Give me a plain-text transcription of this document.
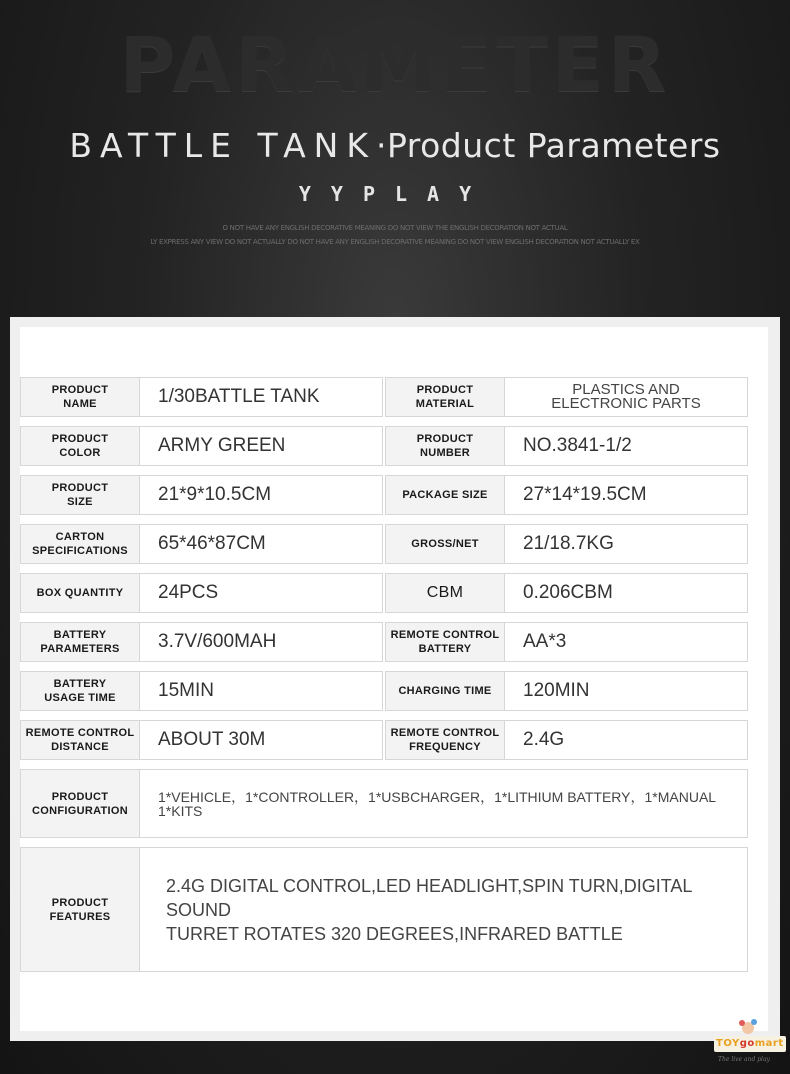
PARAMETER
BATTLE TANK·Product Parameters
YYPLAY
O NOT HAVE ANY ENGLISH DECORATIVE MEANING DO NOT VIEW THE ENGLISH DECORATION NOT ACTUAL
LY EXPRESS ANY VIEW DO NOT ACTUALLY DO NOT HAVE ANY ENGLISH DECORATIVE MEANING DO NOT VIEW ENGLISH DECORATION NOT ACTUALLY EX
PRODUCT
NAME	1/30BATTLE TANK	PRODUCT
MATERIAL
PLASTICS AND
ELECTRONIC PARTS
PRODUCT
COLOR	ARMY GREEN	PRODUCT
NUMBER	NO.3841-1/2
PRODUCT
SIZE	21*9*10.5CM	PACKAGE SIZE 27*14*19.5CM
CARTON
SPECIFICATIONS 65*46*87CM	GROSS/NET 21/18.7KG
BOX QUANTITY 24PCS	CBM	0.206CBM
BATTERY
PARAMETERS 3.7V/600MAH	REMOTE CONTROL
BATTERY	AA*3
BATTERY
USAGE TIME 15MIN	CHARGING TIME 120MIN
REMOTE CONTROL
DISTANCE	ABOUT 30M	REMOTE CONTROL
FREQUENCY	2.4G
PRODUCT
CONFIGURATION
1*VEHICLE，1*CONTROLLER，1*USBCHARGER，1*LITHIUM BATTERY，1*MANUAL
1*KITS
PRODUCT
FEATURES
2.4G DIGITAL CONTROL,LED HEADLIGHT,SPIN TURN,DIGITAL SOUND
TURRET ROTATES 320 DEGREES,INFRARED BATTLE
TOYgomart
The live and play
